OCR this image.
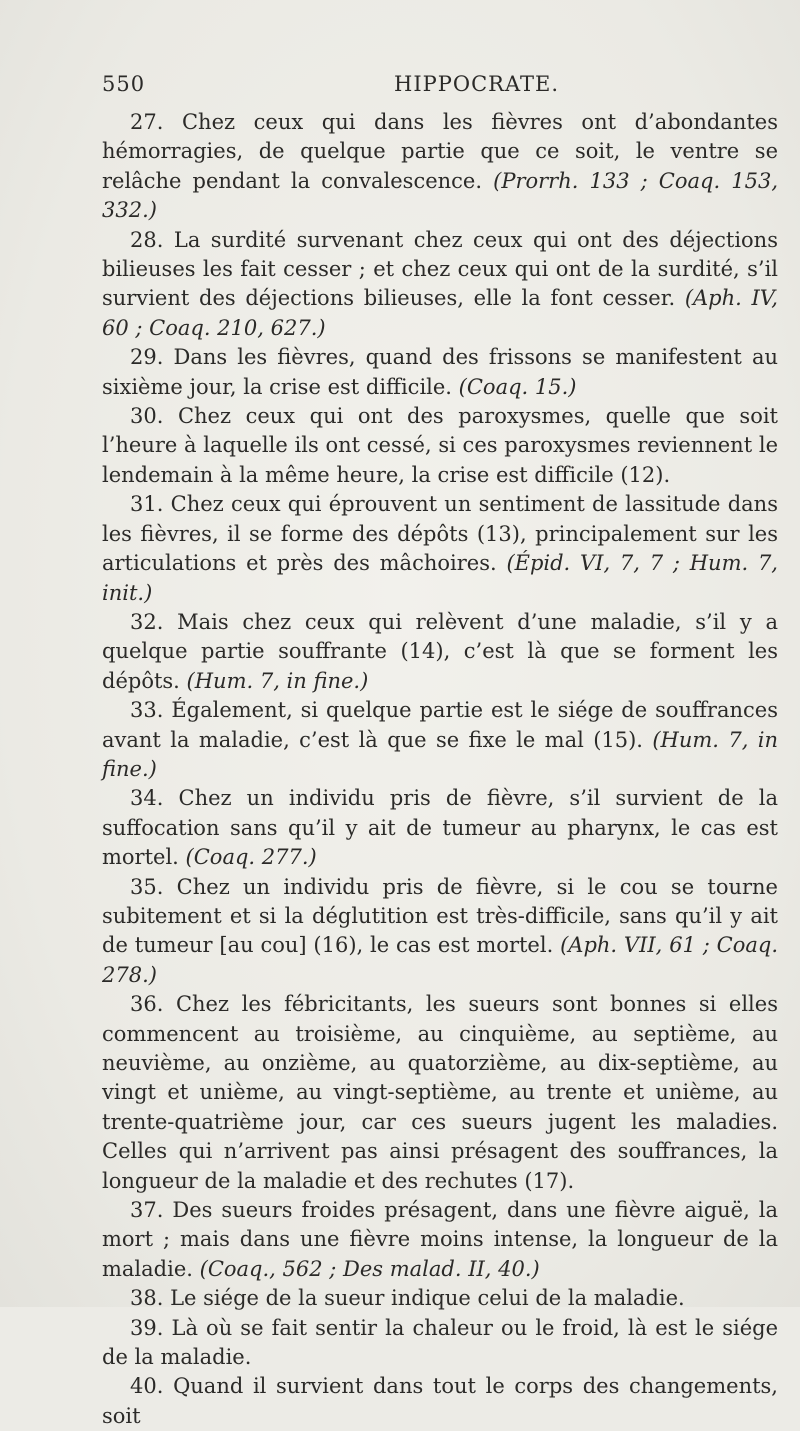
550	HIPPOCRATE.

27. Chez ceux qui dans les fièvres ont d’abondantes hémorragies, de quelque partie que ce soit, le ventre se relâche pendant la convalescence. (Prorrh. 133 ; Coaq. 153, 332.)

28. La surdité survenant chez ceux qui ont des déjections bilieuses les fait cesser ; et chez ceux qui ont de la surdité, s’il survient des déjections bilieuses, elle la font cesser. (Aph. IV, 60 ; Coaq. 210, 627.)

29. Dans les fièvres, quand des frissons se manifestent au sixième jour, la crise est difficile. (Coaq. 15.)

30. Chez ceux qui ont des paroxysmes, quelle que soit l’heure à laquelle ils ont cessé, si ces paroxysmes reviennent le lendemain à la même heure, la crise est difficile (12).

31. Chez ceux qui éprouvent un sentiment de lassitude dans les fièvres, il se forme des dépôts (13), principalement sur les articulations et près des mâchoires. (Épid. VI, 7, 7 ; Hum. 7, init.)

32. Mais chez ceux qui relèvent d’une maladie, s’il y a quelque partie souffrante (14), c’est là que se forment les dépôts. (Hum. 7, in fine.)

33. Également, si quelque partie est le siége de souffrances avant la maladie, c’est là que se fixe le mal (15). (Hum. 7, in fine.)

34. Chez un individu pris de fièvre, s’il survient de la suffocation sans qu’il y ait de tumeur au pharynx, le cas est mortel. (Coaq. 277.)

35. Chez un individu pris de fièvre, si le cou se tourne subitement et si la déglutition est très-difficile, sans qu’il y ait de tumeur [au cou] (16), le cas est mortel. (Aph. VII, 61 ; Coaq. 278.)

36. Chez les fébricitants, les sueurs sont bonnes si elles commencent au troisième, au cinquième, au septième, au neuvième, au onzième, au quatorzième, au dix-septième, au vingt et unième, au vingt-septième, au trente et unième, au trente-quatrième jour, car ces sueurs jugent les maladies. Celles qui n’arrivent pas ainsi présagent des souffrances, la longueur de la maladie et des rechutes (17).

37. Des sueurs froides présagent, dans une fièvre aiguë, la mort ; mais dans une fièvre moins intense, la longueur de la maladie. (Coaq., 562 ; Des malad. II, 40.)

38. Le siége de la sueur indique celui de la maladie.

39. Là où se fait sentir la chaleur ou le froid, là est le siége de la maladie.

40. Quand il survient dans tout le corps des changements, soit
